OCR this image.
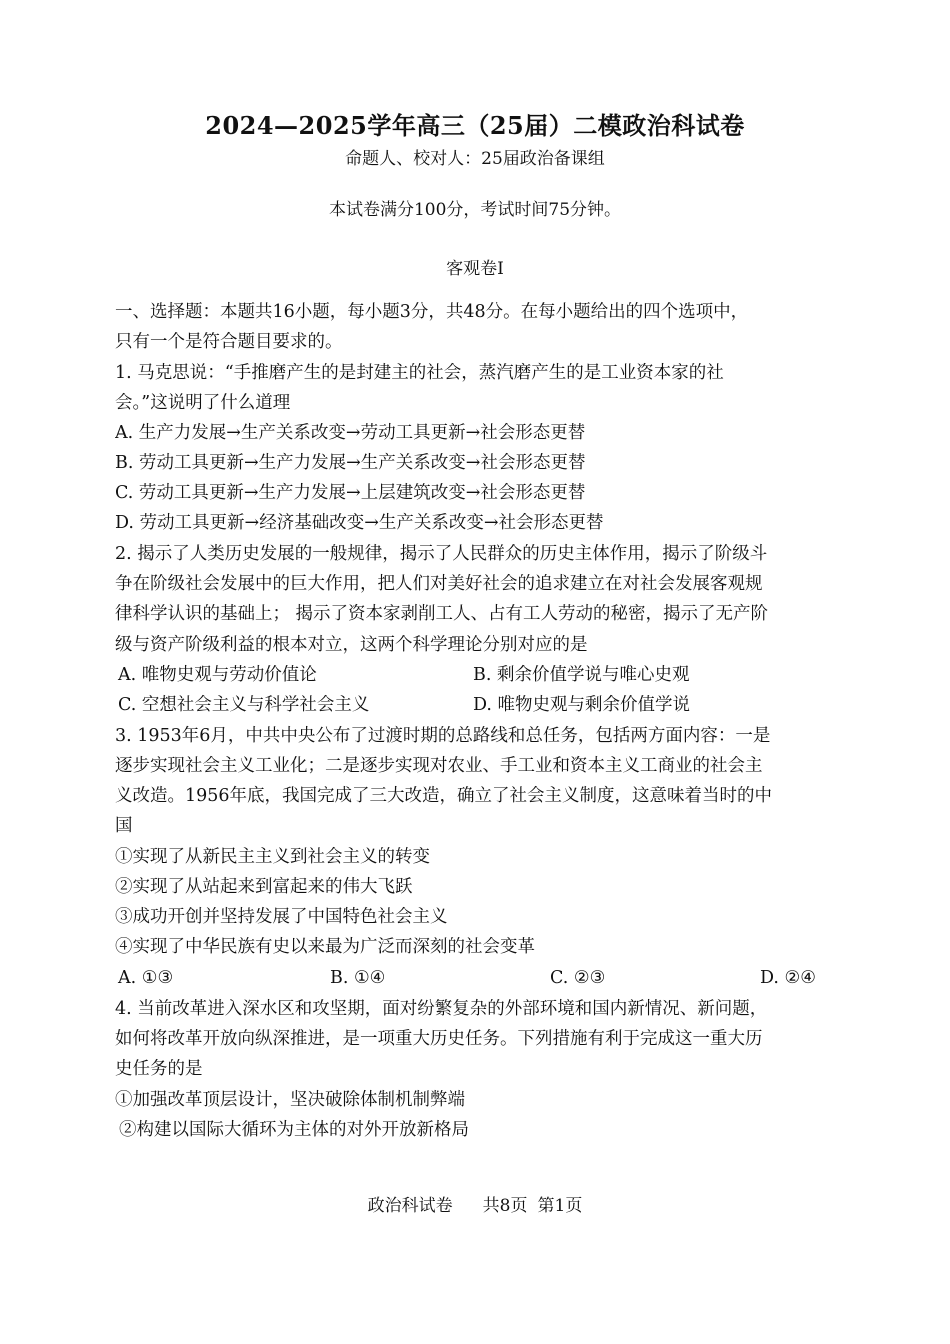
2024—2025学年高三（25届）二模政治科试卷
命题人、校对人：25届政治备课组
本试卷满分100分，考试时间75分钟。
客观卷Ⅰ
一、选择题：本题共16小题，每小题3分，共48分。在每小题给出的四个选项中，
只有一个是符合题目要求的。
1. 马克思说：“手推磨产生的是封建主的社会，蒸汽磨产生的是工业资本家的社
会。”这说明了什么道理
A. 生产力发展→生产关系改变→劳动工具更新→社会形态更替
B. 劳动工具更新→生产力发展→生产关系改变→社会形态更替
C. 劳动工具更新→生产力发展→上层建筑改变→社会形态更替
D. 劳动工具更新→经济基础改变→生产关系改变→社会形态更替
2. 揭示了人类历史发展的一般规律，揭示了人民群众的历史主体作用，揭示了阶级斗
争在阶级社会发展中的巨大作用，把人们对美好社会的追求建立在对社会发展客观规
律科学认识的基础上； 揭示了资本家剥削工人、占有工人劳动的秘密，揭示了无产阶
级与资产阶级利益的根本对立，这两个科学理论分别对应的是
A. 唯物史观与劳动价值论	B. 剩余价值学说与唯心史观
C. 空想社会主义与科学社会主义	D. 唯物史观与剩余价值学说
3. 1953年6月，中共中央公布了过渡时期的总路线和总任务，包括两方面内容：一是
逐步实现社会主义工业化；二是逐步实现对农业、手工业和资本主义工商业的社会主
义改造。1956年底，我国完成了三大改造，确立了社会主义制度，这意味着当时的中
国
①实现了从新民主主义到社会主义的转变
②实现了从站起来到富起来的伟大飞跃
③成功开创并坚持发展了中国特色社会主义
④实现了中华民族有史以来最为广泛而深刻的社会变革
A. ①③	B. ①④	C. ②③	D. ②④
4. 当前改革进入深水区和攻坚期，面对纷繁复杂的外部环境和国内新情况、新问题，
如何将改革开放向纵深推进，是一项重大历史任务。下列措施有利于完成这一重大历
史任务的是
①加强改革顶层设计，坚决破除体制机制弊端
②构建以国际大循环为主体的对外开放新格局
政治科试卷 共8页 第1页
